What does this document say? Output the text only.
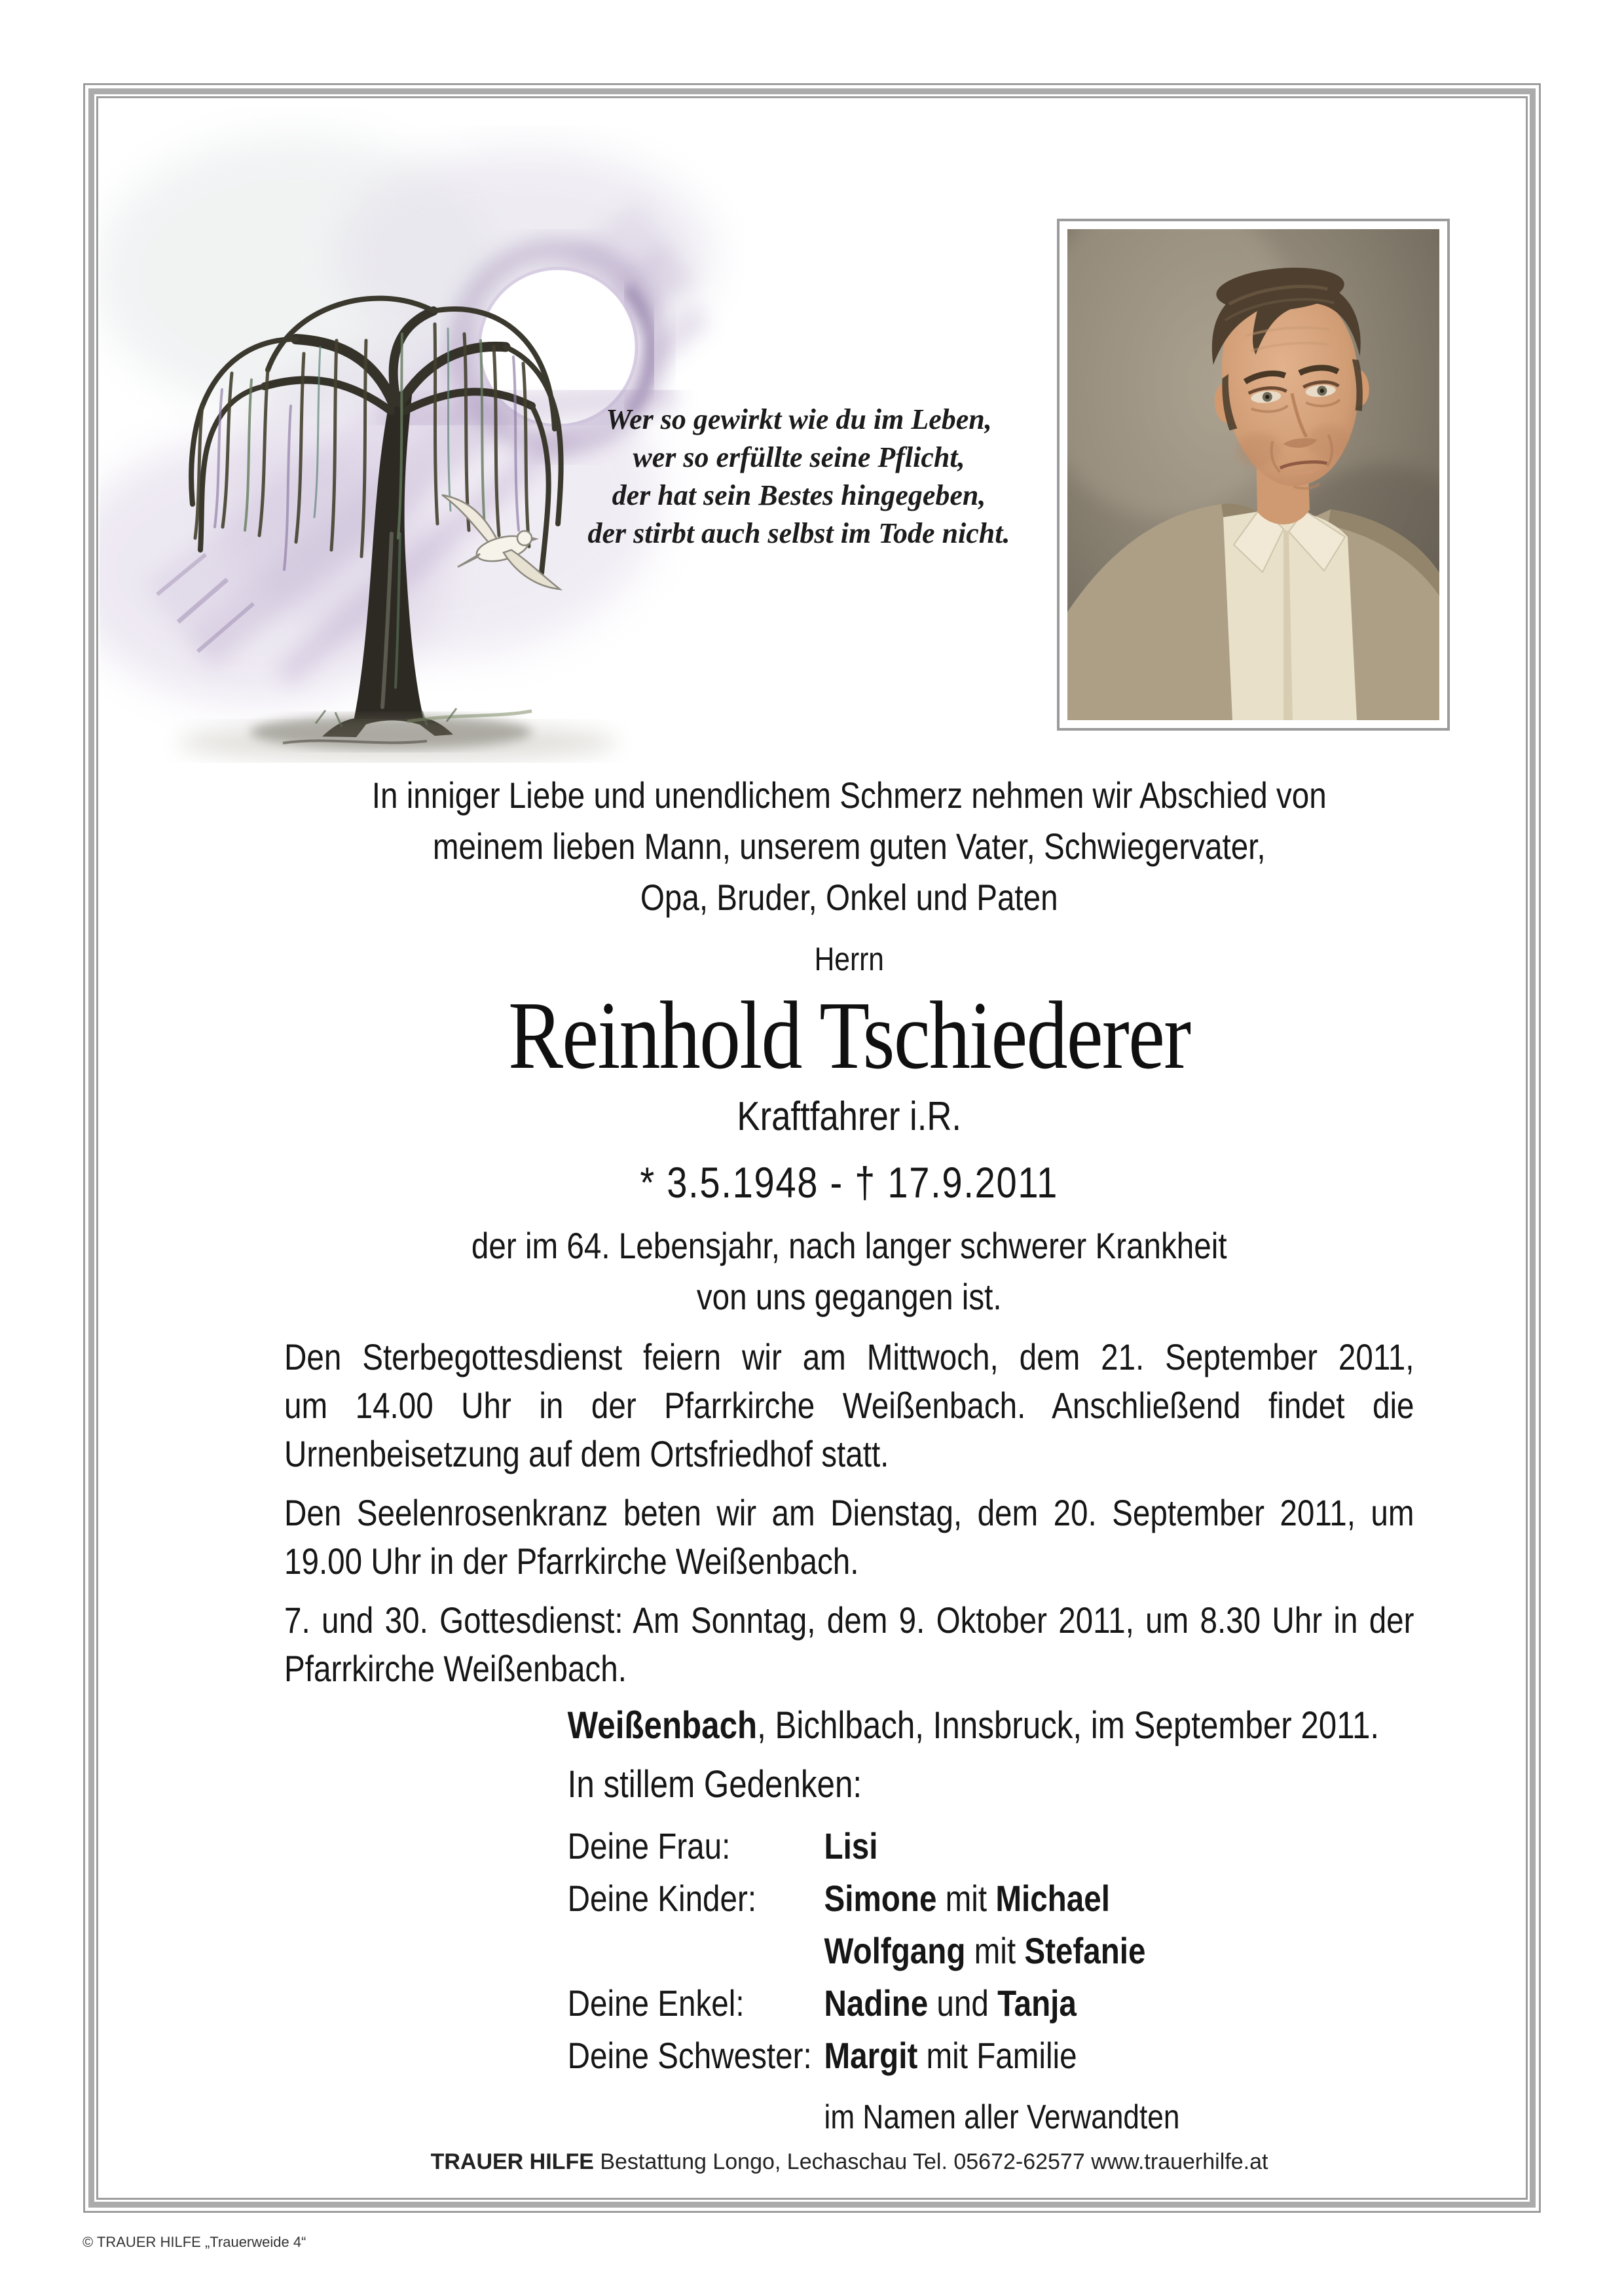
Wer so gewirkt wie du im Leben,
wer so erfüllte seine Pflicht,
der hat sein Bestes hingegeben,
der stirbt auch selbst im Tode nicht.
In inniger Liebe und unendlichem Schmerz nehmen wir Abschied von
meinem lieben Mann, unserem guten Vater, Schwiegervater,
Opa, Bruder, Onkel und Paten
Herrn
Reinhold Tschiederer
Kraftfahrer i.R.
* 3.5.1948 - † 17.9.2011
der im 64. Lebensjahr, nach langer schwerer Krankheit
von uns gegangen ist.
Den Sterbegottesdienst feiern wir am Mittwoch, dem 21. September 2011,
um 14.00 Uhr in der Pfarrkirche Weißenbach. Anschließend findet die
Urnenbeisetzung auf dem Ortsfriedhof statt.
Den Seelenrosenkranz beten wir am Dienstag, dem 20. September 2011, um
19.00 Uhr in der Pfarrkirche Weißenbach.
7. und 30. Gottesdienst: Am Sonntag, dem 9. Oktober 2011, um 8.30 Uhr in der
Pfarrkirche Weißenbach.
Weißenbach, Bichlbach, Innsbruck, im September 2011.
In stillem Gedenken:
Deine Frau:	Lisi
Deine Kinder:	Simone mit Michael
Wolfgang mit Stefanie
Deine Enkel:	Nadine und Tanja
Deine Schwester: Margit mit Familie
im Namen aller Verwandten
TRAUER HILFE Bestattung Longo, Lechaschau Tel. 05672-62577 www.trauerhilfe.at
© TRAUER HILFE „Trauerweide 4“
